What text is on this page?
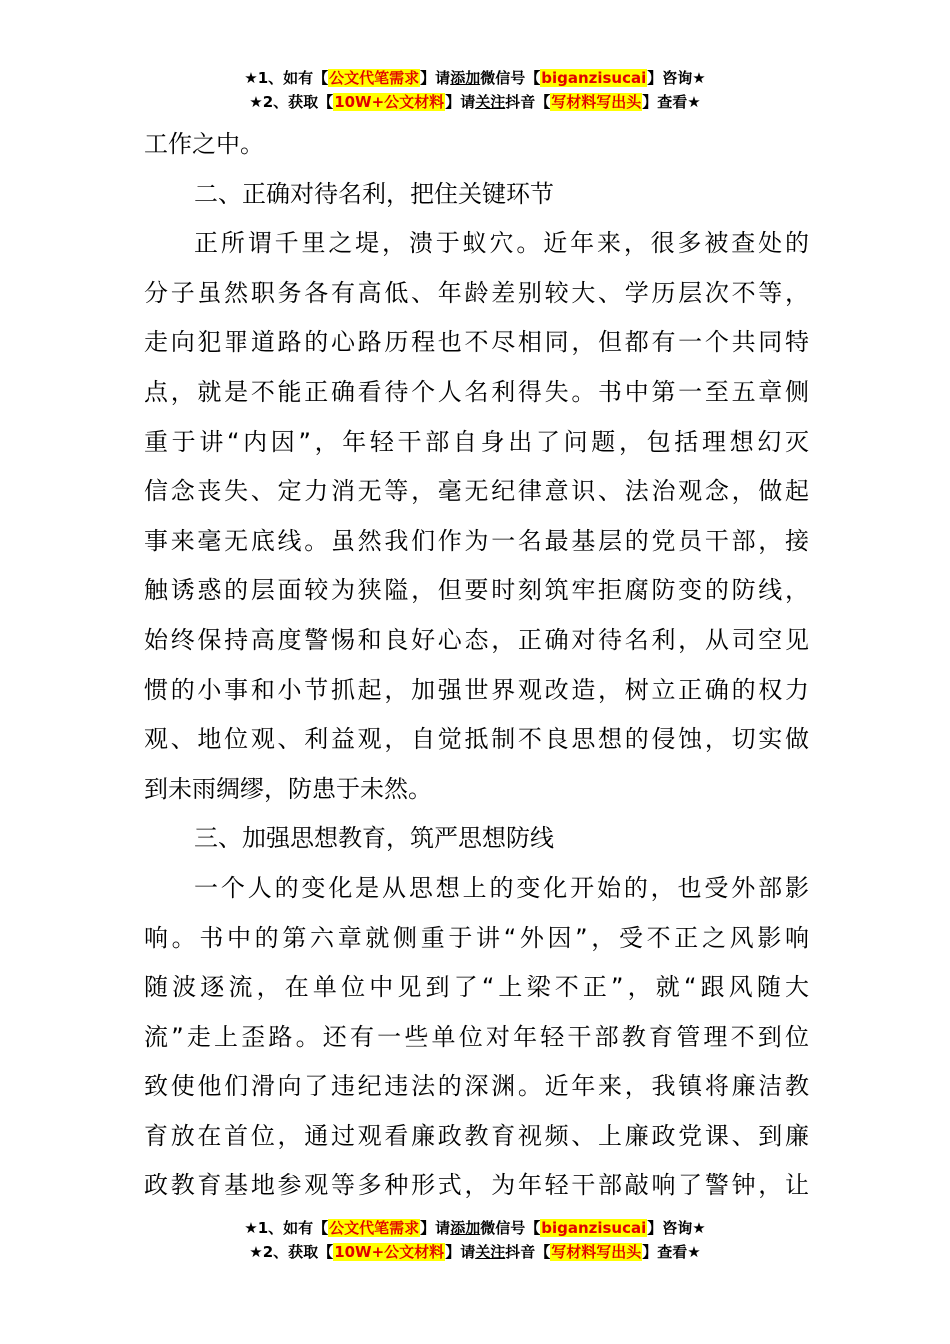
★1、如有【公文代笔需求】请添加微信号【biganzisucai】咨询★
★2、获取【10W+公文材料】请关注抖音【写材料写出头】查看★
工作之中。
二、正确对待名利，把住关键环节
正所谓千里之堤，溃于蚁穴。近年来，很多被查处的
分子虽然职务各有高低、年龄差别较大、学历层次不等，
走向犯罪道路的心路历程也不尽相同，但都有一个共同特
点，就是不能正确看待个人名利得失。书中第一至五章侧
重于讲“内因”，年轻干部自身出了问题，包括理想幻灭
信念丧失、定力消无等，毫无纪律意识、法治观念，做起
事来毫无底线。虽然我们作为一名最基层的党员干部，接
触诱惑的层面较为狭隘，但要时刻筑牢拒腐防变的防线，
始终保持高度警惕和良好心态，正确对待名利，从司空见
惯的小事和小节抓起，加强世界观改造，树立正确的权力
观、地位观、利益观，自觉抵制不良思想的侵蚀，切实做
到未雨绸缪，防患于未然。
三、加强思想教育，筑严思想防线
一个人的变化是从思想上的变化开始的，也受外部影
响。书中的第六章就侧重于讲“外因”，受不正之风影响
随波逐流，在单位中见到了“上梁不正”，就“跟风随大
流”走上歪路。还有一些单位对年轻干部教育管理不到位
致使他们滑向了违纪违法的深渊。近年来，我镇将廉洁教
育放在首位，通过观看廉政教育视频、上廉政党课、到廉
政教育基地参观等多种形式，为年轻干部敲响了警钟，让
★1、如有【公文代笔需求】请添加微信号【biganzisucai】咨询★
★2、获取【10W+公文材料】请关注抖音【写材料写出头】查看★
